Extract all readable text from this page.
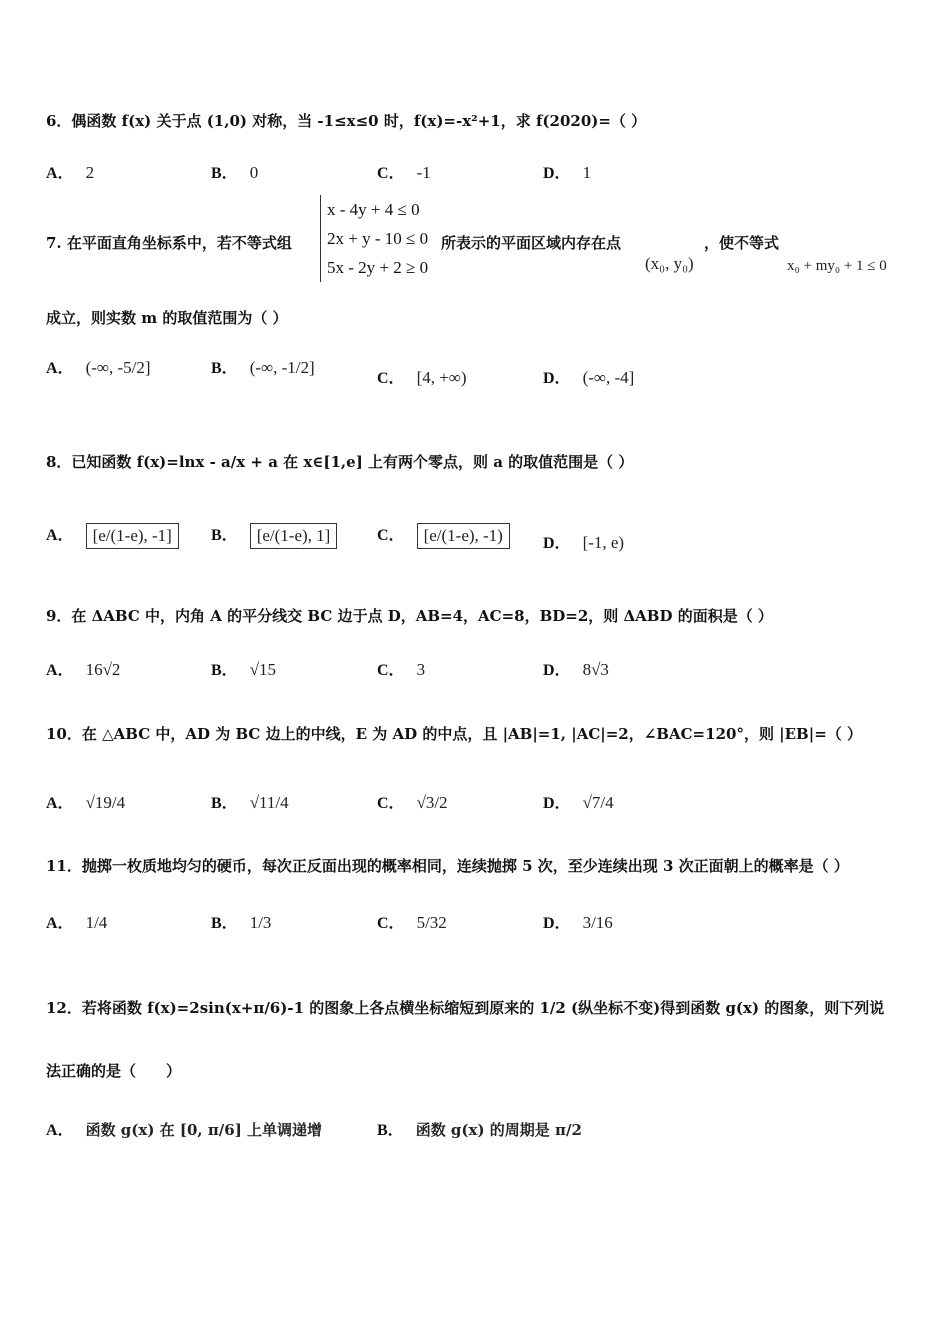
6．偶函数 f(x) 关于点 (1,0) 对称，当 -1≤x≤0 时，f(x)=-x²+1，求 f(2020)=（ ）
A． 2	B． 0	C． -1	D． 1
7. 在平面直角坐标系中，若不等式组
x - 4y + 4 ≤ 0
2x + y - 10 ≤ 0
5x - 2y + 2 ≥ 0
所表示的平面区域内存在点
(x₀, y₀)
，使不等式
x₀ + my₀ + 1 ≤ 0
成立，则实数 m 的取值范围为（ ）
A． (-∞, -5/2]	B． (-∞, -1/2]
C． [4, +∞)	D． (-∞, -4]
8．已知函数 f(x)=lnx - a/x + a 在 x∈[1,e] 上有两个零点，则 a 的取值范围是（ ）
A． [e/(1-e), -1]	B． [e/(1-e), 1]	C． [e/(1-e), -1)	D． [-1, e)
9．在 ΔABC 中，内角 A 的平分线交 BC 边于点 D，AB=4，AC=8，BD=2，则 ΔABD 的面积是（ ）
A． 16√2	B． √15	C． 3	D． 8√3
10．在 △ABC 中，AD 为 BC 边上的中线，E 为 AD 的中点，且 |AB|=1, |AC|=2，∠BAC=120°，则 |EB|=（ ）
A． √19/4	B． √11/4	C． √3/2	D． √7/4
11．抛掷一枚质地均匀的硬币，每次正反面出现的概率相同，连续抛掷 5 次，至少连续出现 3 次正面朝上的概率是（ ）
A． 1/4	B． 1/3	C． 5/32	D． 3/16
12．若将函数 f(x)=2sin(x+π/6)-1 的图象上各点横坐标缩短到原来的 1/2 (纵坐标不变)得到函数 g(x) 的图象，则下列说
法正确的是（　　）
A． 函数 g(x) 在 [0, π/6] 上单调递增	B． 函数 g(x) 的周期是 π/2
